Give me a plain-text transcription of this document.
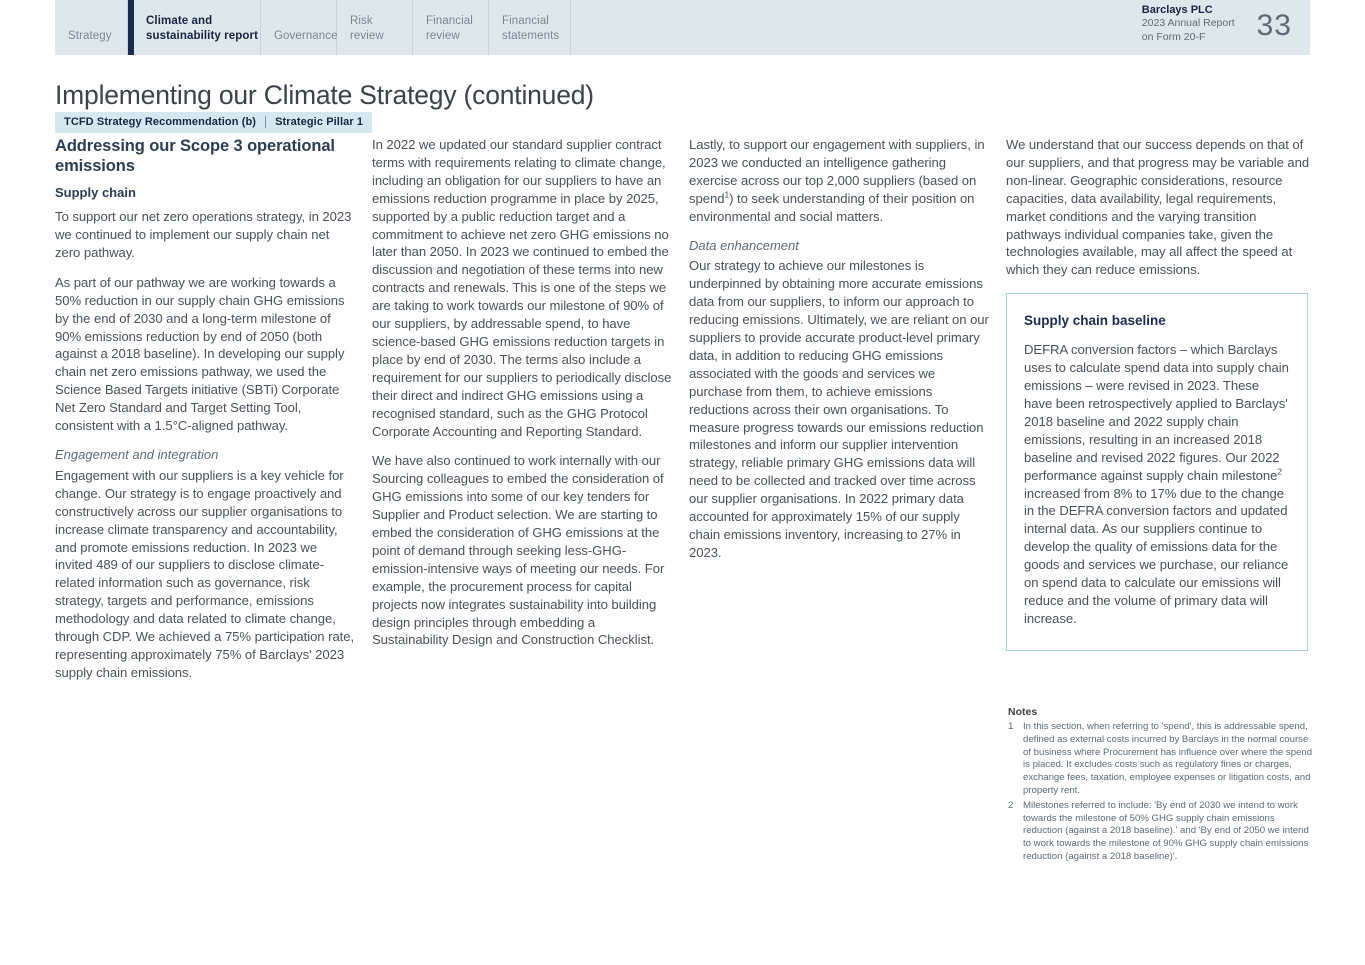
Strategy
Climate and
sustainability report Governance
Risk
review
Financial
review
Financial
statements
Barclays PLC
2023 Annual Report
on Form 20-F	33
Implementing our Climate Strategy (continued)
TCFD Strategy Recommendation (b) Strategic Pillar 1
Addressing our Scope 3 operational emissions
Supply chain

To support our net zero operations strategy, in 2023 we continued to implement our supply chain net zero pathway.

As part of our pathway we are working towards a 50% reduction in our supply chain GHG emissions by the end of 2030 and a long-term milestone of 90% emissions reduction by end of 2050 (both against a 2018 baseline). In developing our supply chain net zero emissions pathway, we used the Science Based Targets initiative (SBTi) Corporate Net Zero Standard and Target Setting Tool, consistent with a 1.5°C-aligned pathway.

Engagement and integration

Engagement with our suppliers is a key vehicle for change. Our strategy is to engage proactively and constructively across our supplier organisations to increase climate transparency and accountability, and promote emissions reduction. In 2023 we invited 489 of our suppliers to disclose climate-related information such as governance, risk strategy, targets and performance, emissions methodology and data related to climate change, through CDP. We achieved a 75% participation rate, representing approximately 75% of Barclays' 2023 supply chain emissions.

In 2022 we updated our standard supplier contract terms with requirements relating to climate change, including an obligation for our suppliers to have an emissions reduction programme in place by 2025, supported by a public reduction target and a commitment to achieve net zero GHG emissions no later than 2050. In 2023 we continued to embed the discussion and negotiation of these terms into new contracts and renewals. This is one of the steps we are taking to work towards our milestone of 90% of our suppliers, by addressable spend, to have science-based GHG emissions reduction targets in place by end of 2030. The terms also include a requirement for our suppliers to periodically disclose their direct and indirect GHG emissions using a recognised standard, such as the GHG Protocol Corporate Accounting and Reporting Standard.

We have also continued to work internally with our Sourcing colleagues to embed the consideration of GHG emissions into some of our key tenders for Supplier and Product selection. We are starting to embed the consideration of GHG emissions at the point of demand through seeking less-GHG-emission-intensive ways of meeting our needs. For example, the procurement process for capital projects now integrates sustainability into building design principles through embedding a Sustainability Design and Construction Checklist.

Lastly, to support our engagement with suppliers, in 2023 we conducted an intelligence gathering exercise across our top 2,000 suppliers (based on spend$^1$) to seek understanding of their position on environmental and social matters.

Data enhancement

Our strategy to achieve our milestones is underpinned by obtaining more accurate emissions data from our suppliers, to inform our approach to reducing emissions. Ultimately, we are reliant on our suppliers to provide accurate product-level primary data, in addition to reducing GHG emissions associated with the goods and services we purchase from them, to achieve emissions reductions across their own organisations. To measure progress towards our emissions reduction milestones and inform our supplier intervention strategy, reliable primary GHG emissions data will need to be collected and tracked over time across our supplier organisations. In 2022 primary data accounted for approximately 15% of our supply chain emissions inventory, increasing to 27% in 2023.

We understand that our success depends on that of our suppliers, and that progress may be variable and non-linear. Geographic considerations, resource capacities, data availability, legal requirements, market conditions and the varying transition pathways individual companies take, given the technologies available, may all affect the speed at which they can reduce emissions.

Supply chain baseline

DEFRA conversion factors – which Barclays uses to calculate spend data into supply chain emissions – were revised in 2023. These have been retrospectively applied to Barclays' 2018 baseline and 2022 supply chain emissions, resulting in an increased 2018 baseline and revised 2022 figures. Our 2022 performance against supply chain milestone$^2$ increased from 8% to 17% due to the change in the DEFRA conversion factors and updated internal data. As our suppliers continue to develop the quality of emissions data for the goods and services we purchase, our reliance on spend data to calculate our emissions will reduce and the volume of primary data will increase.

Notes
1	In this section, when referring to 'spend', this is addressable spend, defined as external costs incurred by Barclays in the normal course of business where Procurement has influence over where the spend is placed. It excludes costs such as regulatory fines or charges, exchange fees, taxation, employee expenses or litigation costs, and property rent.
2	Milestones referred to include: 'By end of 2030 we intend to work towards the milestone of 50% GHG supply chain emissions reduction (against a 2018 baseline).' and 'By end of 2050 we intend to work towards the milestone of 90% GHG supply chain emissions reduction (against a 2018 baseline)'.
